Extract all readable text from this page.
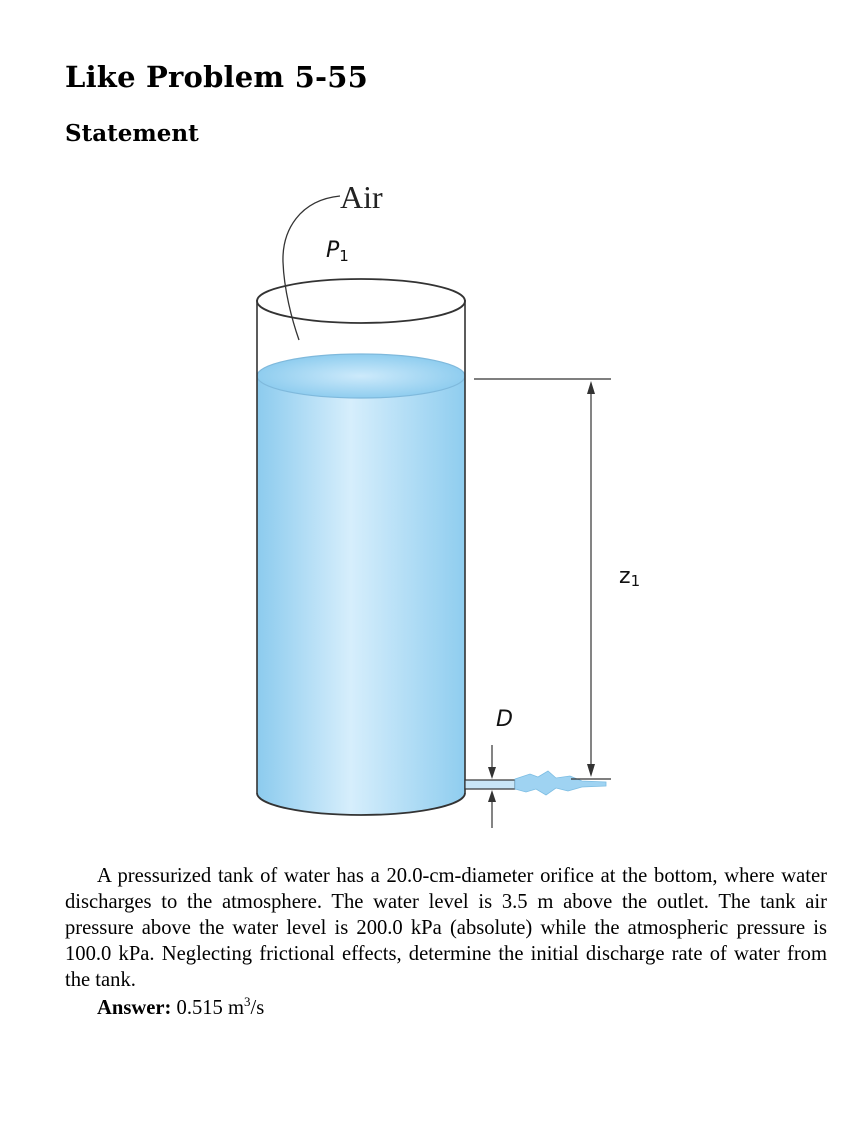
Like Problem 5-55
Statement
Air
P1
z1
D

A pressurized tank of water has a 20.0-cm-diameter orifice at the bottom, where water discharges to the atmosphere. The water level is 3.5 m above the outlet. The tank air pressure above the water level is 200.0 kPa (absolute) while the atmospheric pressure is 100.0 kPa. Neglecting frictional effects, determine the initial discharge rate of water from the tank.

Answer: 0.515 $m^3/s$
